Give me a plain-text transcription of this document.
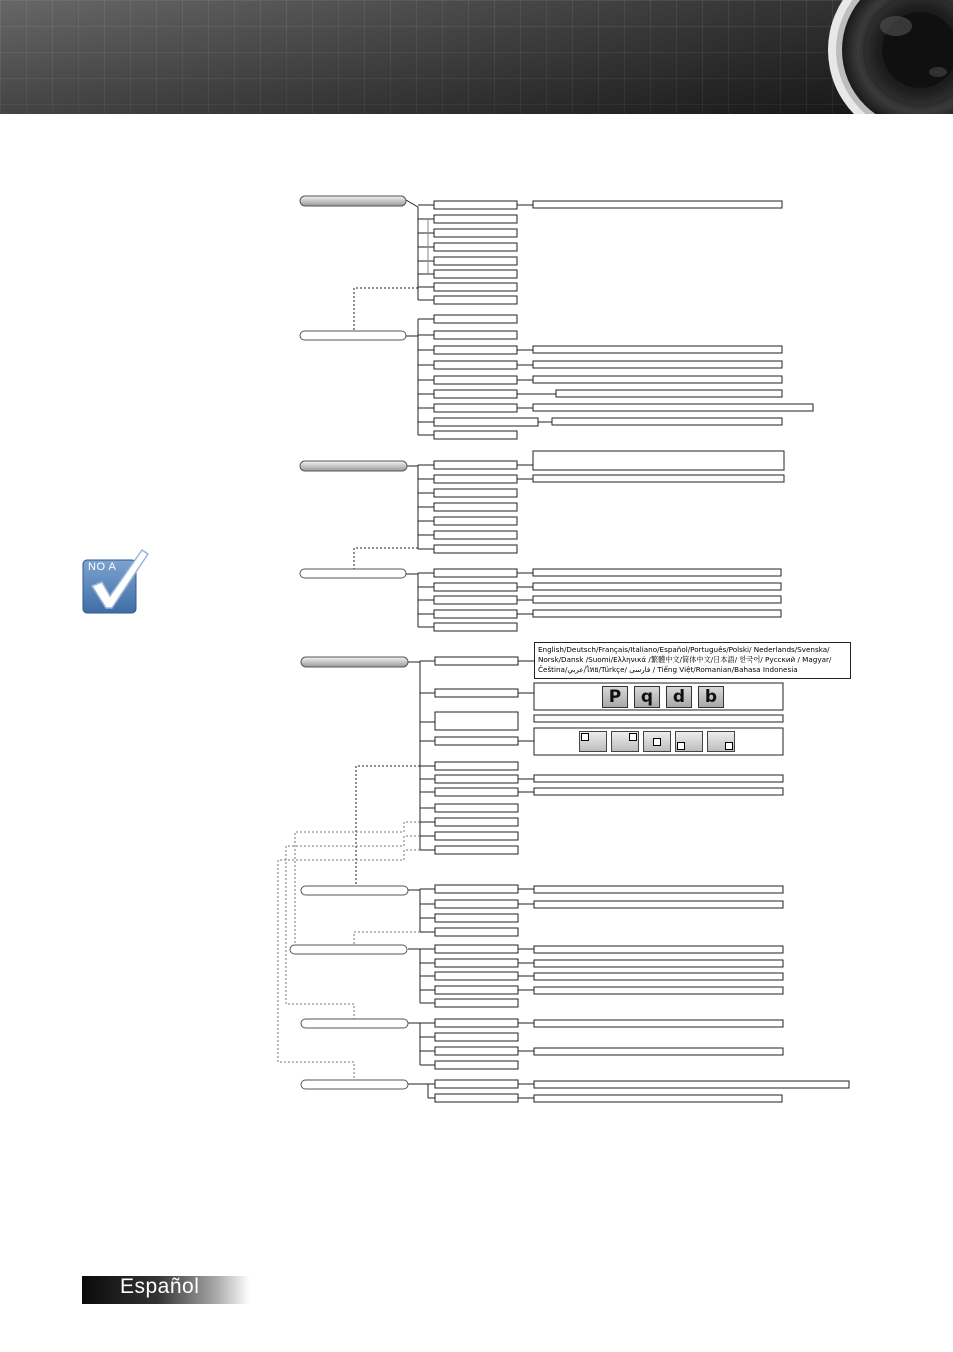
English/Deutsch/Français/Italiano/Español/Português/Polski/ Nederlands/Svenska/
Norsk/Dansk /Suomi/Ελληνικά /繁體中文/简体中文/日本語/ 한국어/ Русский / Magyar/
Čeština/عربي/ไทย/Türkçe/ فارسی / Tiếng Việt/Romanian/Bahasa Indonesia
P	q	d	b
NO A
Español
